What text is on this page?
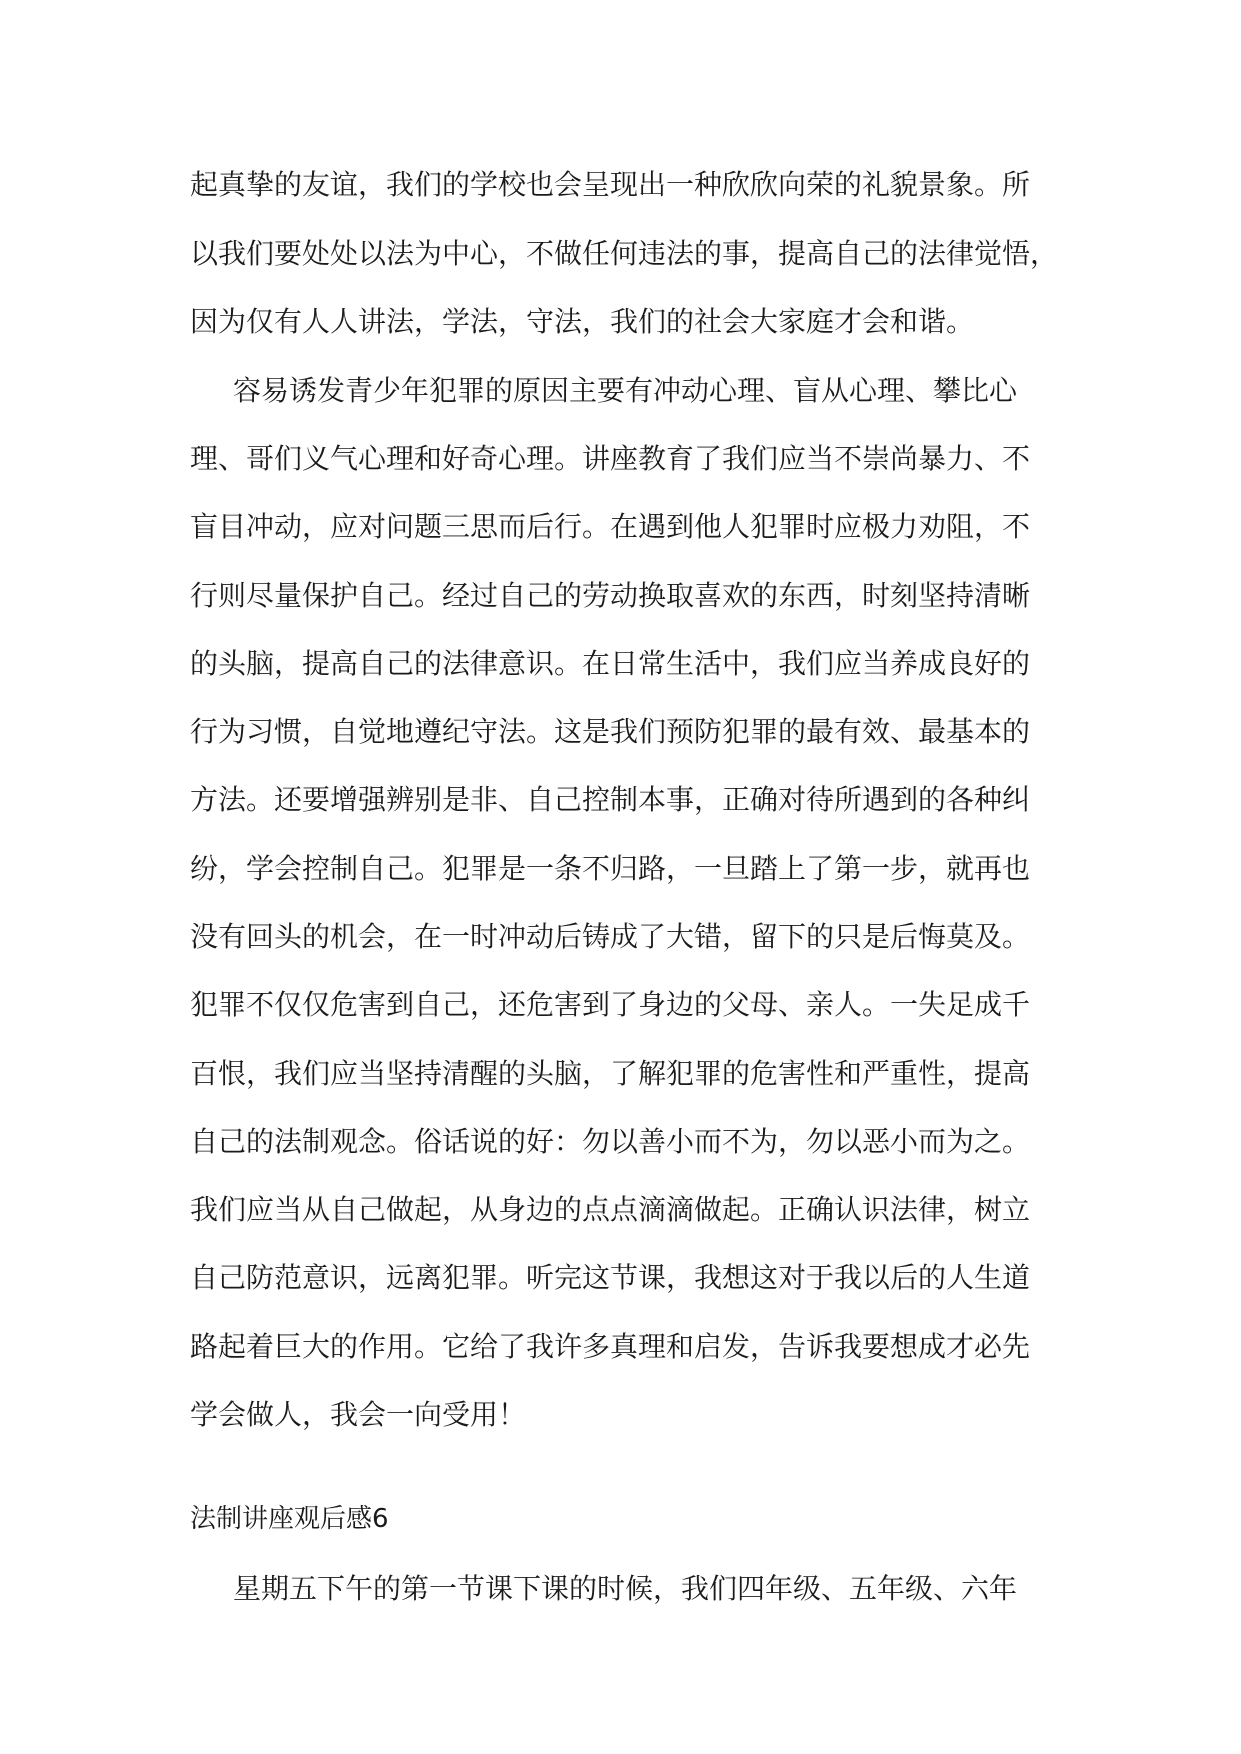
起真挚的友谊，我们的学校也会呈现出一种欣欣向荣的礼貌景象。所
以我们要处处以法为中心，不做任何违法的事，提高自己的法律觉悟，
因为仅有人人讲法，学法，守法，我们的社会大家庭才会和谐。
容易诱发青少年犯罪的原因主要有冲动心理、盲从心理、攀比心
理、哥们义气心理和好奇心理。讲座教育了我们应当不崇尚暴力、不
盲目冲动，应对问题三思而后行。在遇到他人犯罪时应极力劝阻，不
行则尽量保护自己。经过自己的劳动换取喜欢的东西，时刻坚持清晰
的头脑，提高自己的法律意识。在日常生活中，我们应当养成良好的
行为习惯，自觉地遵纪守法。这是我们预防犯罪的最有效、最基本的
方法。还要增强辨别是非、自己控制本事，正确对待所遇到的各种纠
纷，学会控制自己。犯罪是一条不归路，一旦踏上了第一步，就再也
没有回头的机会，在一时冲动后铸成了大错，留下的只是后悔莫及。
犯罪不仅仅危害到自己，还危害到了身边的父母、亲人。一失足成千
百恨，我们应当坚持清醒的头脑，了解犯罪的危害性和严重性，提高
自己的法制观念。俗话说的好：勿以善小而不为，勿以恶小而为之。
我们应当从自己做起，从身边的点点滴滴做起。正确认识法律，树立
自己防范意识，远离犯罪。听完这节课，我想这对于我以后的人生道
路起着巨大的作用。它给了我许多真理和启发，告诉我要想成才必先
学会做人，我会一向受用！
法制讲座观后感6
星期五下午的第一节课下课的时候，我们四年级、五年级、六年
